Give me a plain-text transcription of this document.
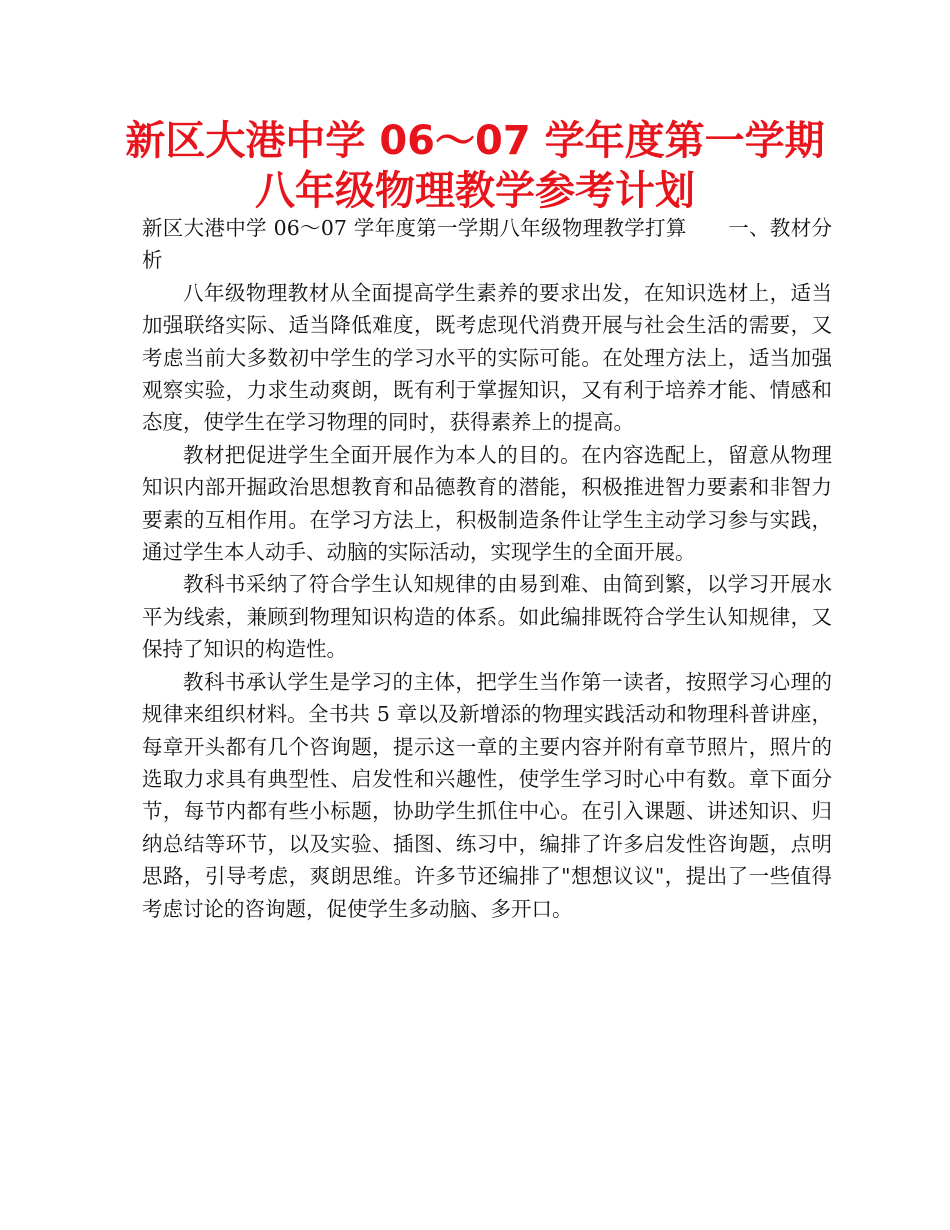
新区大港中学 06～07 学年度第一学期八年级物理教学参考计划

新区大港中学 06～07 学年度第一学期八年级物理教学打算　　一、教材分析

八年级物理教材从全面提高学生素养的要求出发，在知识选材上，适当加强联络实际、适当降低难度，既考虑现代消费开展与社会生活的需要，又考虑当前大多数初中学生的学习水平的实际可能。在处理方法上，适当加强观察实验，力求生动爽朗，既有利于掌握知识，又有利于培养才能、情感和态度，使学生在学习物理的同时，获得素养上的提高。

教材把促进学生全面开展作为本人的目的。在内容选配上，留意从物理知识内部开掘政治思想教育和品德教育的潜能，积极推进智力要素和非智力要素的互相作用。在学习方法上，积极制造条件让学生主动学习参与实践，通过学生本人动手、动脑的实际活动，实现学生的全面开展。

教科书采纳了符合学生认知规律的由易到难、由简到繁，以学习开展水平为线索，兼顾到物理知识构造的体系。如此编排既符合学生认知规律，又保持了知识的构造性。

教科书承认学生是学习的主体，把学生当作第一读者，按照学习心理的规律来组织材料。全书共 5 章以及新增添的物理实践活动和物理科普讲座，每章开头都有几个咨询题，提示这一章的主要内容并附有章节照片，照片的选取力求具有典型性、启发性和兴趣性，使学生学习时心中有数。章下面分节，每节内都有些小标题，协助学生抓住中心。在引入课题、讲述知识、归纳总结等环节，以及实验、插图、练习中，编排了许多启发性咨询题，点明思路，引导考虑，爽朗思维。许多节还编排了"想想议议"，提出了一些值得考虑讨论的咨询题，促使学生多动脑、多开口。
